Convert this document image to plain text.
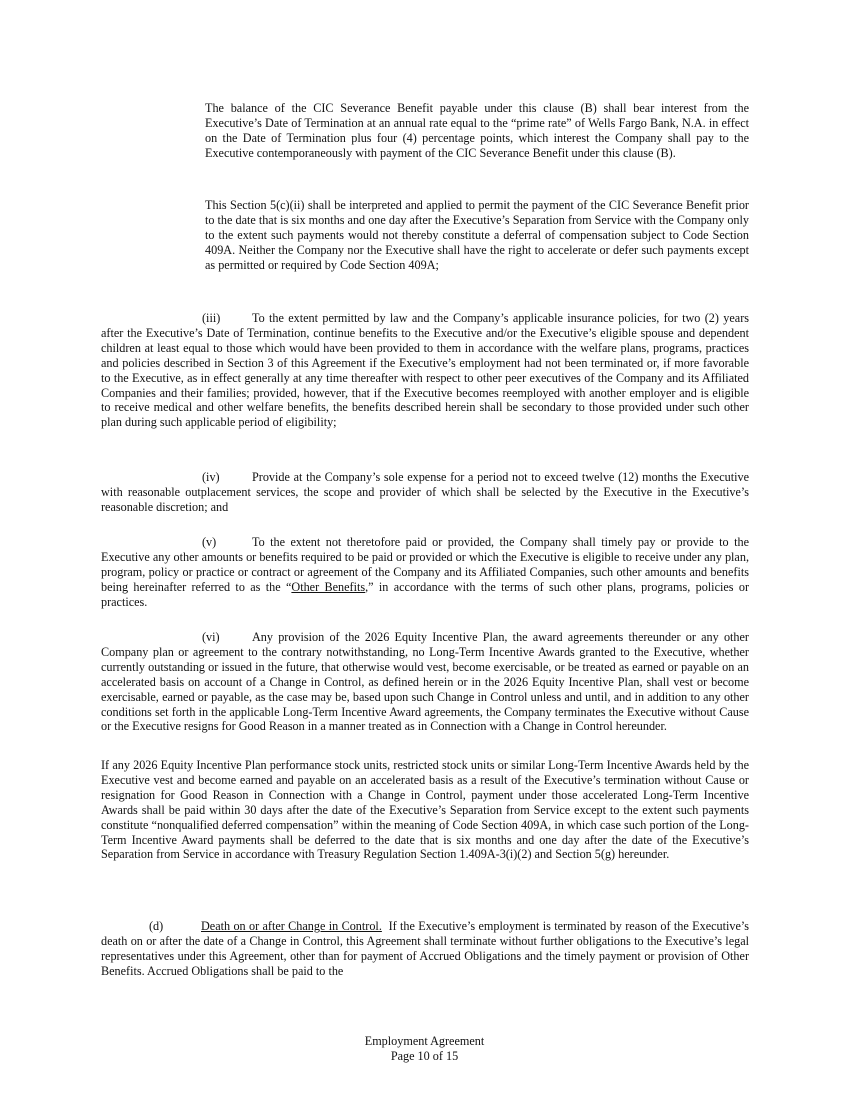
The balance of the CIC Severance Benefit payable under this clause (B) shall bear interest from the Executive’s Date of Termination at an annual rate equal to the “prime rate” of Wells Fargo Bank, N.A. in effect on the Date of Termination plus four (4) percentage points, which interest the Company shall pay to the Executive contemporaneously with payment of the CIC Severance Benefit under this clause (B).

This Section 5(c)(ii) shall be interpreted and applied to permit the payment of the CIC Severance Benefit prior to the date that is six months and one day after the Executive’s Separation from Service with the Company only to the extent such payments would not thereby constitute a deferral of compensation subject to Code Section 409A. Neither the Company nor the Executive shall have the right to accelerate or defer such payments except as permitted or required by Code Section 409A;

(iii)	To the extent permitted by law and the Company’s applicable insurance policies, for two (2) years after the Executive’s Date of Termination, continue benefits to the Executive and/or the Executive’s eligible spouse and dependent children at least equal to those which would have been provided to them in accordance with the welfare plans, programs, practices and policies described in Section 3 of this Agreement if the Executive’s employment had not been terminated or, if more favorable to the Executive, as in effect generally at any time thereafter with respect to other peer executives of the Company and its Affiliated Companies and their families; provided, however, that if the Executive becomes reemployed with another employer and is eligible to receive medical and other welfare benefits, the benefits described herein shall be secondary to those provided under such other plan during such applicable period of eligibility;

(iv)	Provide at the Company’s sole expense for a period not to exceed twelve (12) months the Executive with reasonable outplacement services, the scope and provider of which shall be selected by the Executive in the Executive’s reasonable discretion; and

(v)	To the extent not theretofore paid or provided, the Company shall timely pay or provide to the Executive any other amounts or benefits required to be paid or provided or which the Executive is eligible to receive under any plan, program, policy or practice or contract or agreement of the Company and its Affiliated Companies, such other amounts and benefits being hereinafter referred to as the “Other Benefits,” in accordance with the terms of such other plans, programs, policies or practices.

(vi)	Any provision of the 2026 Equity Incentive Plan, the award agreements thereunder or any other Company plan or agreement to the contrary notwithstanding, no Long-Term Incentive Awards granted to the Executive, whether currently outstanding or issued in the future, that otherwise would vest, become exercisable, or be treated as earned or payable on an accelerated basis on account of a Change in Control, as defined herein or in the 2026 Equity Incentive Plan, shall vest or become exercisable, earned or payable, as the case may be, based upon such Change in Control unless and until, and in addition to any other conditions set forth in the applicable Long-Term Incentive Award agreements, the Company terminates the Executive without Cause or the Executive resigns for Good Reason in a manner treated as in Connection with a Change in Control hereunder.

If any 2026 Equity Incentive Plan performance stock units, restricted stock units or similar Long-Term Incentive Awards held by the Executive vest and become earned and payable on an accelerated basis as a result of the Executive’s termination without Cause or resignation for Good Reason in Connection with a Change in Control, payment under those accelerated Long-Term Incentive Awards shall be paid within 30 days after the date of the Executive’s Separation from Service except to the extent such payments constitute “nonqualified deferred compensation” within the meaning of Code Section 409A, in which case such portion of the Long-Term Incentive Award payments shall be deferred to the date that is six months and one day after the date of the Executive’s Separation from Service in accordance with Treasury Regulation Section 1.409A-3(i)(2) and Section 5(g) hereunder.

(d)	Death on or after Change in Control. If the Executive’s employment is terminated by reason of the Executive’s death on or after the date of a Change in Control, this Agreement shall terminate without further obligations to the Executive’s legal representatives under this Agreement, other than for payment of Accrued Obligations and the timely payment or provision of Other Benefits. Accrued Obligations shall be paid to the

Employment Agreement
Page 10 of 15
